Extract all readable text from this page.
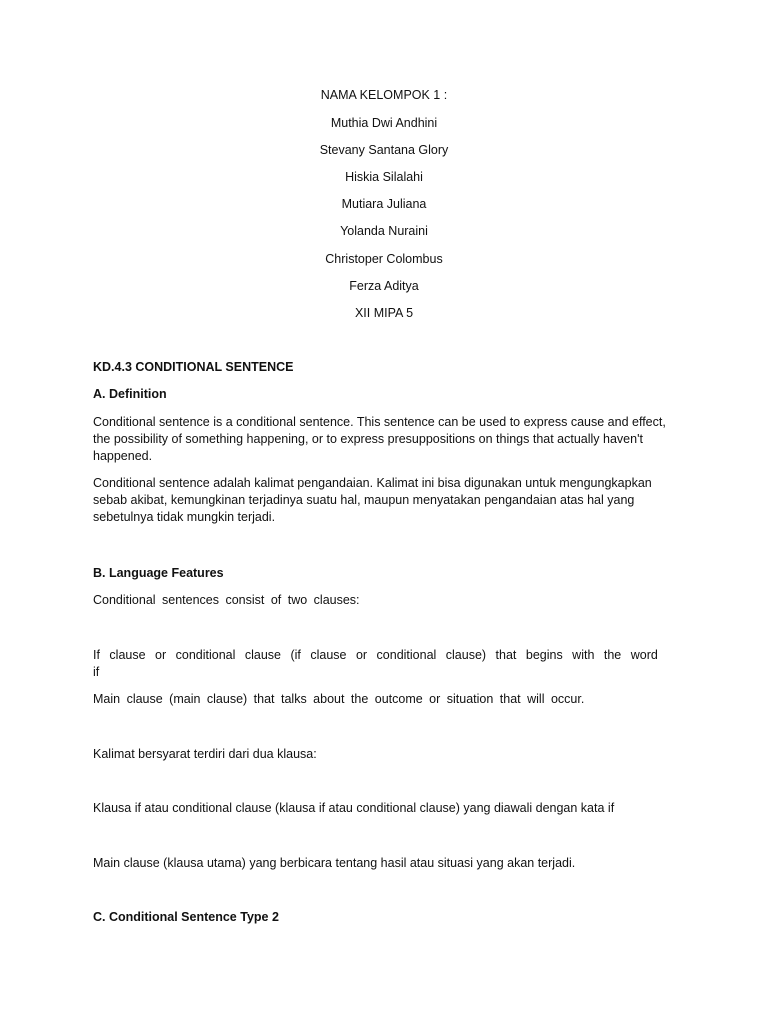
NAMA KELOMPOK 1 :

Muthia Dwi Andhini

Stevany Santana Glory

Hiskia Silalahi

Mutiara Juliana

Yolanda Nuraini

Christoper Colombus

Ferza Aditya

XII MIPA 5

KD.4.3 CONDITIONAL SENTENCE

A. Definition

Conditional sentence is a conditional sentence. This sentence can be used to express cause and effect, the possibility of something happening, or to express presuppositions on things that actually haven't happened.

Conditional sentence adalah kalimat pengandaian. Kalimat ini bisa digunakan untuk mengungkapkan sebab akibat, kemungkinan terjadinya suatu hal, maupun menyatakan pengandaian atas hal yang sebetulnya tidak mungkin terjadi.

B. Language Features

Conditional sentences consist of two clauses:

If clause or conditional clause (if clause or conditional clause) that begins with the word if

Main clause (main clause) that talks about the outcome or situation that will occur.

Kalimat bersyarat terdiri dari dua klausa:

Klausa if atau conditional clause (klausa if atau conditional clause) yang diawali dengan kata if

Main clause (klausa utama) yang berbicara tentang hasil atau situasi yang akan terjadi.

C. Conditional Sentence Type 2
